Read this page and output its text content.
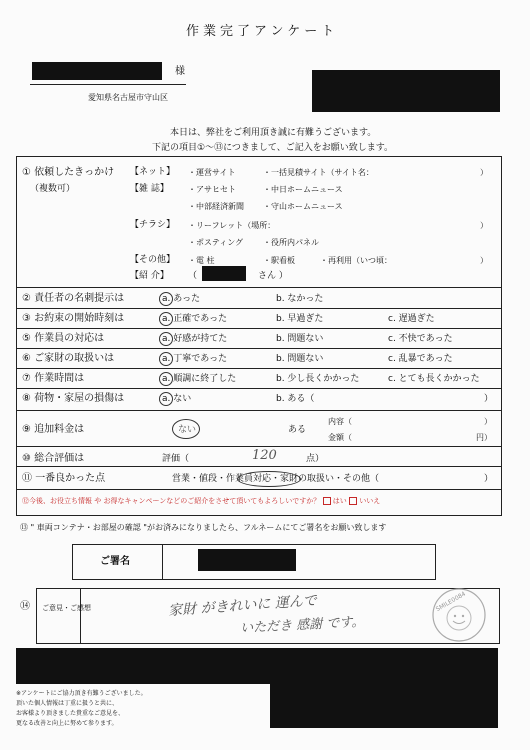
作業完了アンケート
様
愛知県名古屋市守山区
本日は、弊社をご利用頂き誠に有難うございます。
下記の項目①～⑬につきまして、ご記入をお願い致します。
① 依頼したきっかけ
（複数可）
【ネット】 ・運営サイト	・一括見積サイト（サイト名：	）
【雑 誌】 ・アサヒセト	・中日ホームニュース
・中部経済新聞 ・守山ホームニュース
【チラシ】 ・リーフレット（場所：	）
・ポスティング ・役所内パネル
【その他】 ・電 柱	・駅看板	・再利用（いつ頃：	）
【紹 介】 （	さん ）
② 責任者の名刺提示は	a. あった	b. なかった
③ お約束の開始時刻は	a. 正確であった	b. 早過ぎた	c. 遅過ぎた
⑤ 作業員の対応は	a. 好感が持てた	b. 問題ない	c. 不快であった
⑥ ご家財の取扱いは	a. 丁寧であった	b. 問題ない	c. 乱暴であった
⑦ 作業時間は	a. 順調に終了した	b. 少し長くかかった	c. とても長くかかった
⑧ 荷物・家屋の損傷は	a. ない	b. ある（	）
⑨ 追加料金は	ない	ある
内容（	）
金額（	円）
⑩ 総合評価は	評価（	120	点）
⑪ 一番良かった点	営業・値段・作業員対応・家財の取扱い・その他（	）
⑫今後、お役立ち情報 や お得なキャンペーンなどのご紹介をさせて頂いてもよろしいですか？ はい いいえ
⑬ " 車両コンテナ・お部屋の確認 "がお済みになりましたら、フルネームにてご署名をお願い致します
ご署名
⑭ ご意見・ご感想	家財 がきれいに 運んで
いただき 感謝 です。
SMILE0084
※アンケートにご協力頂き有難うございました。
頂いた個人情報は丁重に扱うと共に、
お客様より頂きました貴重なご意見を、
更なる改善と向上に努めて参ります。
